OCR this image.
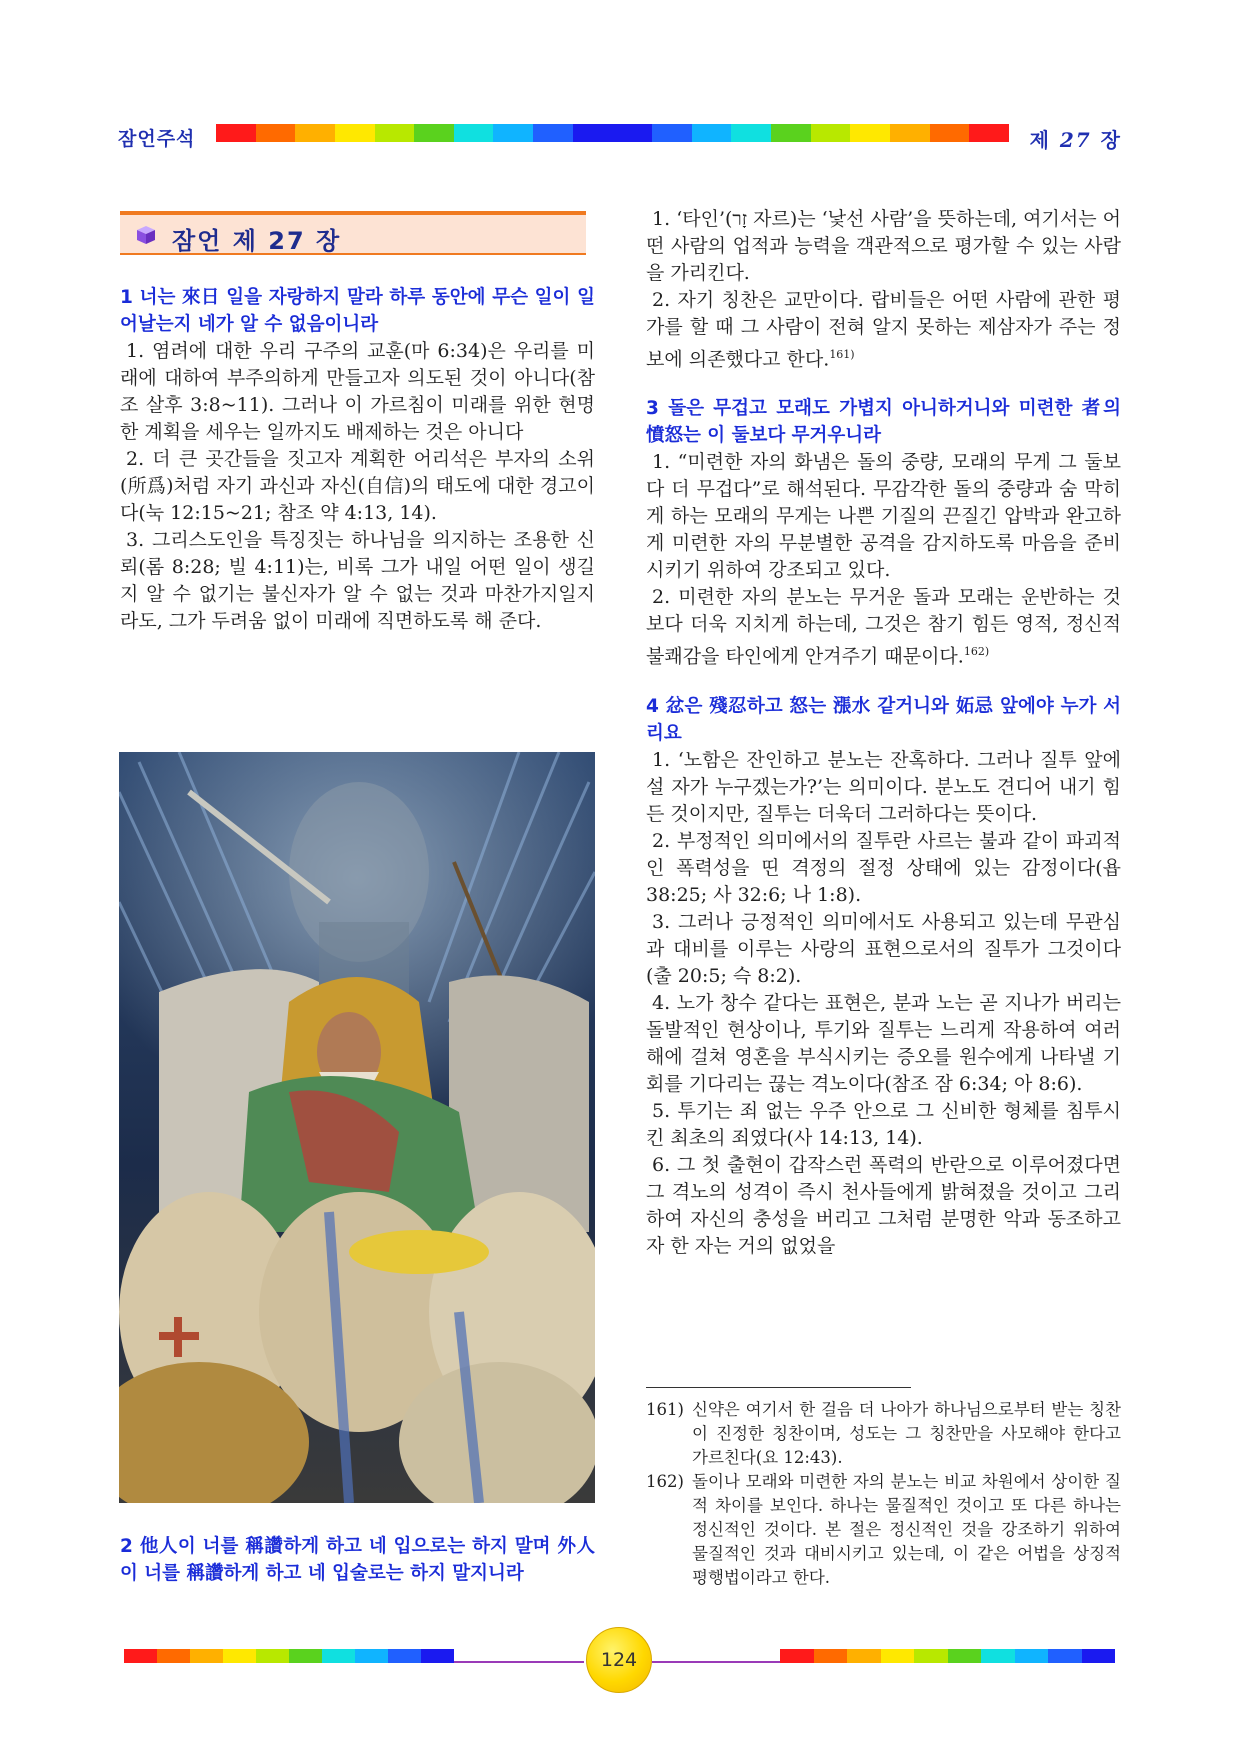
잠언주석	제 27 장
잠언 제 27 장

1 너는 來日 일을 자랑하지 말라 하루 동안에 무슨 일이 일어날는지 네가 알 수 없음이니라

1. 염려에 대한 우리 구주의 교훈(마 6:34)은 우리를 미래에 대하여 부주의하게 만들고자 의도된 것이 아니다(참조 살후 3:8~11). 그러나 이 가르침이 미래를 위한 현명한 계획을 세우는 일까지도 배제하는 것은 아니다

2. 더 큰 곳간들을 짓고자 계획한 어리석은 부자의 소위(所爲)처럼 자기 과신과 자신(自信)의 태도에 대한 경고이다(눅 12:15~21; 참조 약 4:13, 14).

3. 그리스도인을 특징짓는 하나님을 의지하는 조용한 신뢰(롬 8:28; 빌 4:11)는, 비록 그가 내일 어떤 일이 생길지 알 수 없기는 불신자가 알 수 없는 것과 마찬가지일지라도, 그가 두려움 없이 미래에 직면하도록 해 준다.

2 他人이 너를 稱讚하게 하고 네 입으로는 하지 말며 外人이 너를 稱讚하게 하고 네 입술로는 하지 말지니라

1. ‘타인’(זָר 자르)는 ‘낯선 사람’을 뜻하는데, 여기서는 어떤 사람의 업적과 능력을 객관적으로 평가할 수 있는 사람을 가리킨다.

2. 자기 칭찬은 교만이다. 랍비들은 어떤 사람에 관한 평가를 할 때 그 사람이 전혀 알지 못하는 제삼자가 주는 정보에 의존했다고 한다.$^{161)}$

3 돌은 무겁고 모래도 가볍지 아니하거니와 미련한 者의 憤怒는 이 둘보다 무거우니라

1. “미련한 자의 화냄은 돌의 중량, 모래의 무게 그 둘보다 더 무겁다”로 해석된다. 무감각한 돌의 중량과 숨 막히게 하는 모래의 무게는 나쁜 기질의 끈질긴 압박과 완고하게 미련한 자의 무분별한 공격을 감지하도록 마음을 준비시키기 위하여 강조되고 있다.

2. 미련한 자의 분노는 무거운 돌과 모래는 운반하는 것보다 더욱 지치게 하는데, 그것은 참기 힘든 영적, 정신적 불쾌감을 타인에게 안겨주기 때문이다.$^{162)}$

4 忿은 殘忍하고 怒는 漲水 같거니와 妬忌 앞에야 누가 서리요

1. ‘노함은 잔인하고 분노는 잔혹하다. 그러나 질투 앞에 설 자가 누구겠는가?’는 의미이다. 분노도 견디어 내기 힘든 것이지만, 질투는 더욱더 그러하다는 뜻이다.

2. 부정적인 의미에서의 질투란 사르는 불과 같이 파괴적인 폭력성을 띤 격정의 절정 상태에 있는 감정이다(욥 38:25; 사 32:6; 나 1:8).

3. 그러나 긍정적인 의미에서도 사용되고 있는데 무관심과 대비를 이루는 사랑의 표현으로서의 질투가 그것이다(출 20:5; 슥 8:2).

4. 노가 창수 같다는 표현은, 분과 노는 곧 지나가 버리는 돌발적인 현상이나, 투기와 질투는 느리게 작용하여 여러 해에 걸쳐 영혼을 부식시키는 증오를 원수에게 나타낼 기회를 기다리는 끊는 격노이다(참조 잠 6:34; 아 8:6).

5. 투기는 죄 없는 우주 안으로 그 신비한 형체를 침투시킨 최초의 죄였다(사 14:13, 14).

6. 그 첫 출현이 갑작스런 폭력의 반란으로 이루어졌다면 그 격노의 성격이 즉시 천사들에게 밝혀졌을 것이고 그리하여 자신의 충성을 버리고 그처럼 분명한 악과 동조하고자 한 자는 거의 없었을

161) 신약은 여기서 한 걸음 더 나아가 하나님으로부터 받는 칭찬이 진정한 칭찬이며, 성도는 그 칭찬만을 사모해야 한다고 가르친다(요 12:43).
162) 돌이나 모래와 미련한 자의 분노는 비교 차원에서 상이한 질적 차이를 보인다. 하나는 물질적인 것이고 또 다른 하나는 정신적인 것이다. 본 절은 정신적인 것을 강조하기 위하여 물질적인 것과 대비시키고 있는데, 이 같은 어법을 상징적 평행법이라고 한다.
124
